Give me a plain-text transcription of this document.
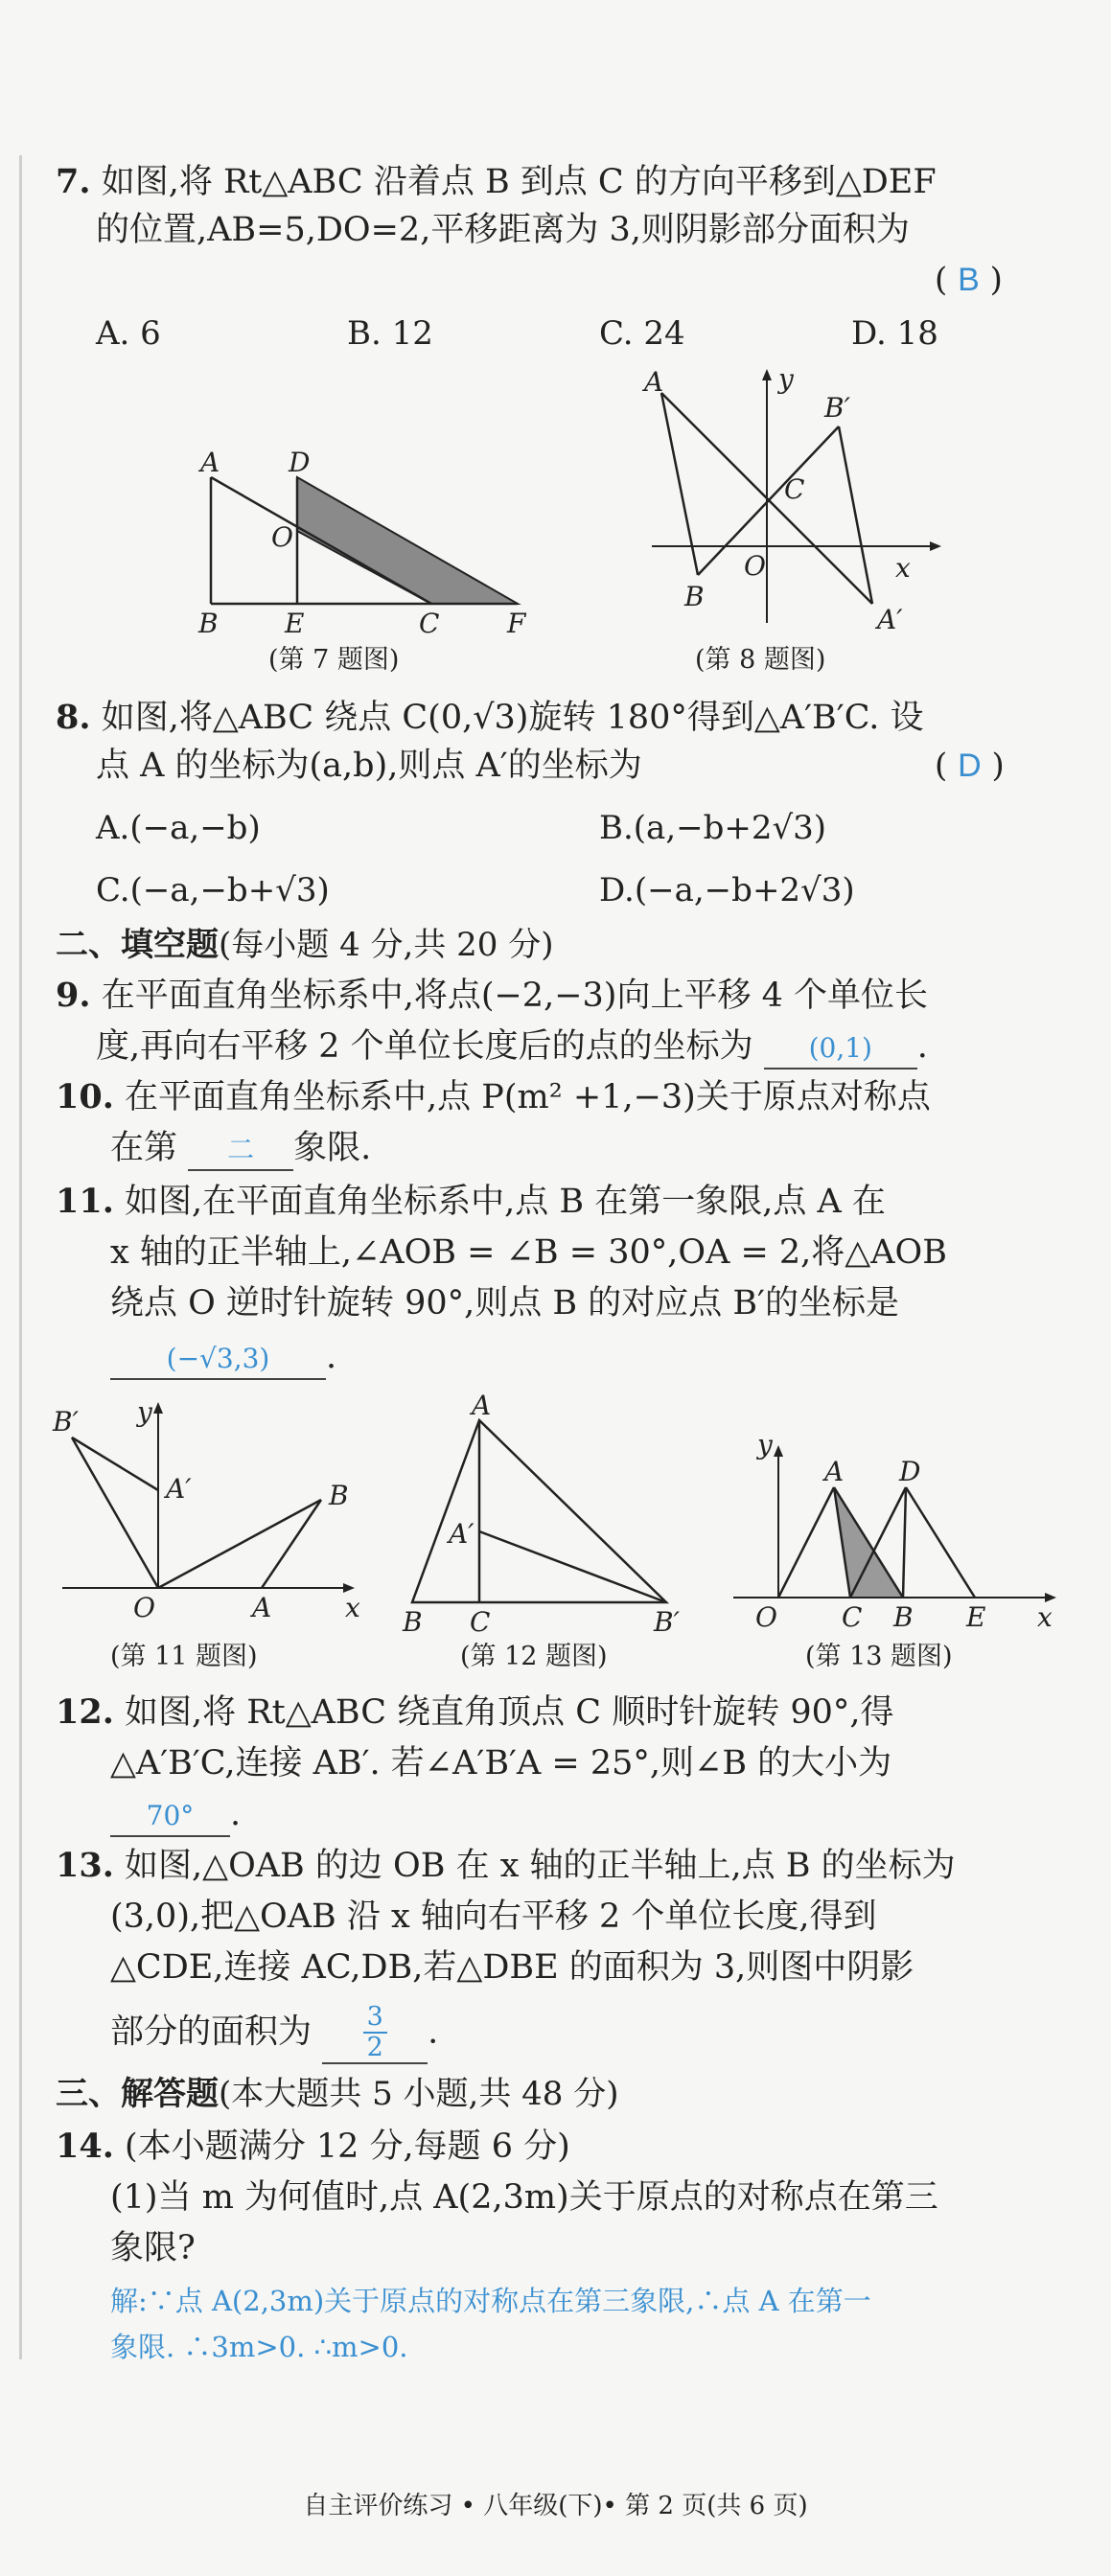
7. 如图,将 Rt△ABC 沿着点 B 到点 C 的方向平移到△DEF
的位置,AB=5,DO=2,平移距离为 3,则阴影部分面积为
( B )
A. 6	B. 12	C. 24	D. 18
A	D
O
B E	C	F
(第 7 题图)
A	y
B′
C
B
O	x
A′
(第 8 题图)
8. 如图,将△ABC 绕点 C(0,√3)旋转 180°得到△A′B′C. 设
点 A 的坐标为(a,b),则点 A′的坐标为	( D )
A.(−a,−b)	B.(a,−b+2√3)
C.(−a,−b+√3)	D.(−a,−b+2√3)
二、填空题(每小题 4 分,共 20 分)
9. 在平面直角坐标系中,将点(−2,−3)向上平移 4 个单位长
度,再向右平移 2 个单位长度后的点的坐标为 (0,1) .
10. 在平面直角坐标系中,点 P(m² +1,−3)关于原点对称点
在第 二 象限.
11. 如图,在平面直角坐标系中,点 B 在第一象限,点 A 在
x 轴的正半轴上,∠AOB = ∠B = 30°,OA = 2,将△AOB
绕点 O 逆时针旋转 90°,则点 B 的对应点 B′的坐标是
(−√3,3) .
B′ y
A′	B
O	A	x
(第 11 题图)
A
A′
B C	B′
(第 12 题图)
y
A D
O C B E x
(第 13 题图)
12. 如图,将 Rt△ABC 绕直角顶点 C 顺时针旋转 90°,得
△A′B′C,连接 AB′. 若∠A′B′A = 25°,则∠B 的大小为
70° .
13. 如图,△OAB 的边 OB 在 x 轴的正半轴上,点 B 的坐标为
(3,0),把△OAB 沿 x 轴向右平移 2 个单位长度,得到
△CDE,连接 AC,DB,若△DBE 的面积为 3,则图中阴影
部分的面积为 $\frac{3}{2}$ .
三、解答题(本大题共 5 小题,共 48 分)
14. (本小题满分 12 分,每题 6 分)
(1)当 m 为何值时,点 A(2,3m)关于原点的对称点在第三
象限?
解:∵点 A(2,3m)关于原点的对称点在第三象限,∴点 A 在第一
象限. ∴3m>0. ∴m>0.
自主评价练习 • 八年级(下)• 第 2 页(共 6 页)
